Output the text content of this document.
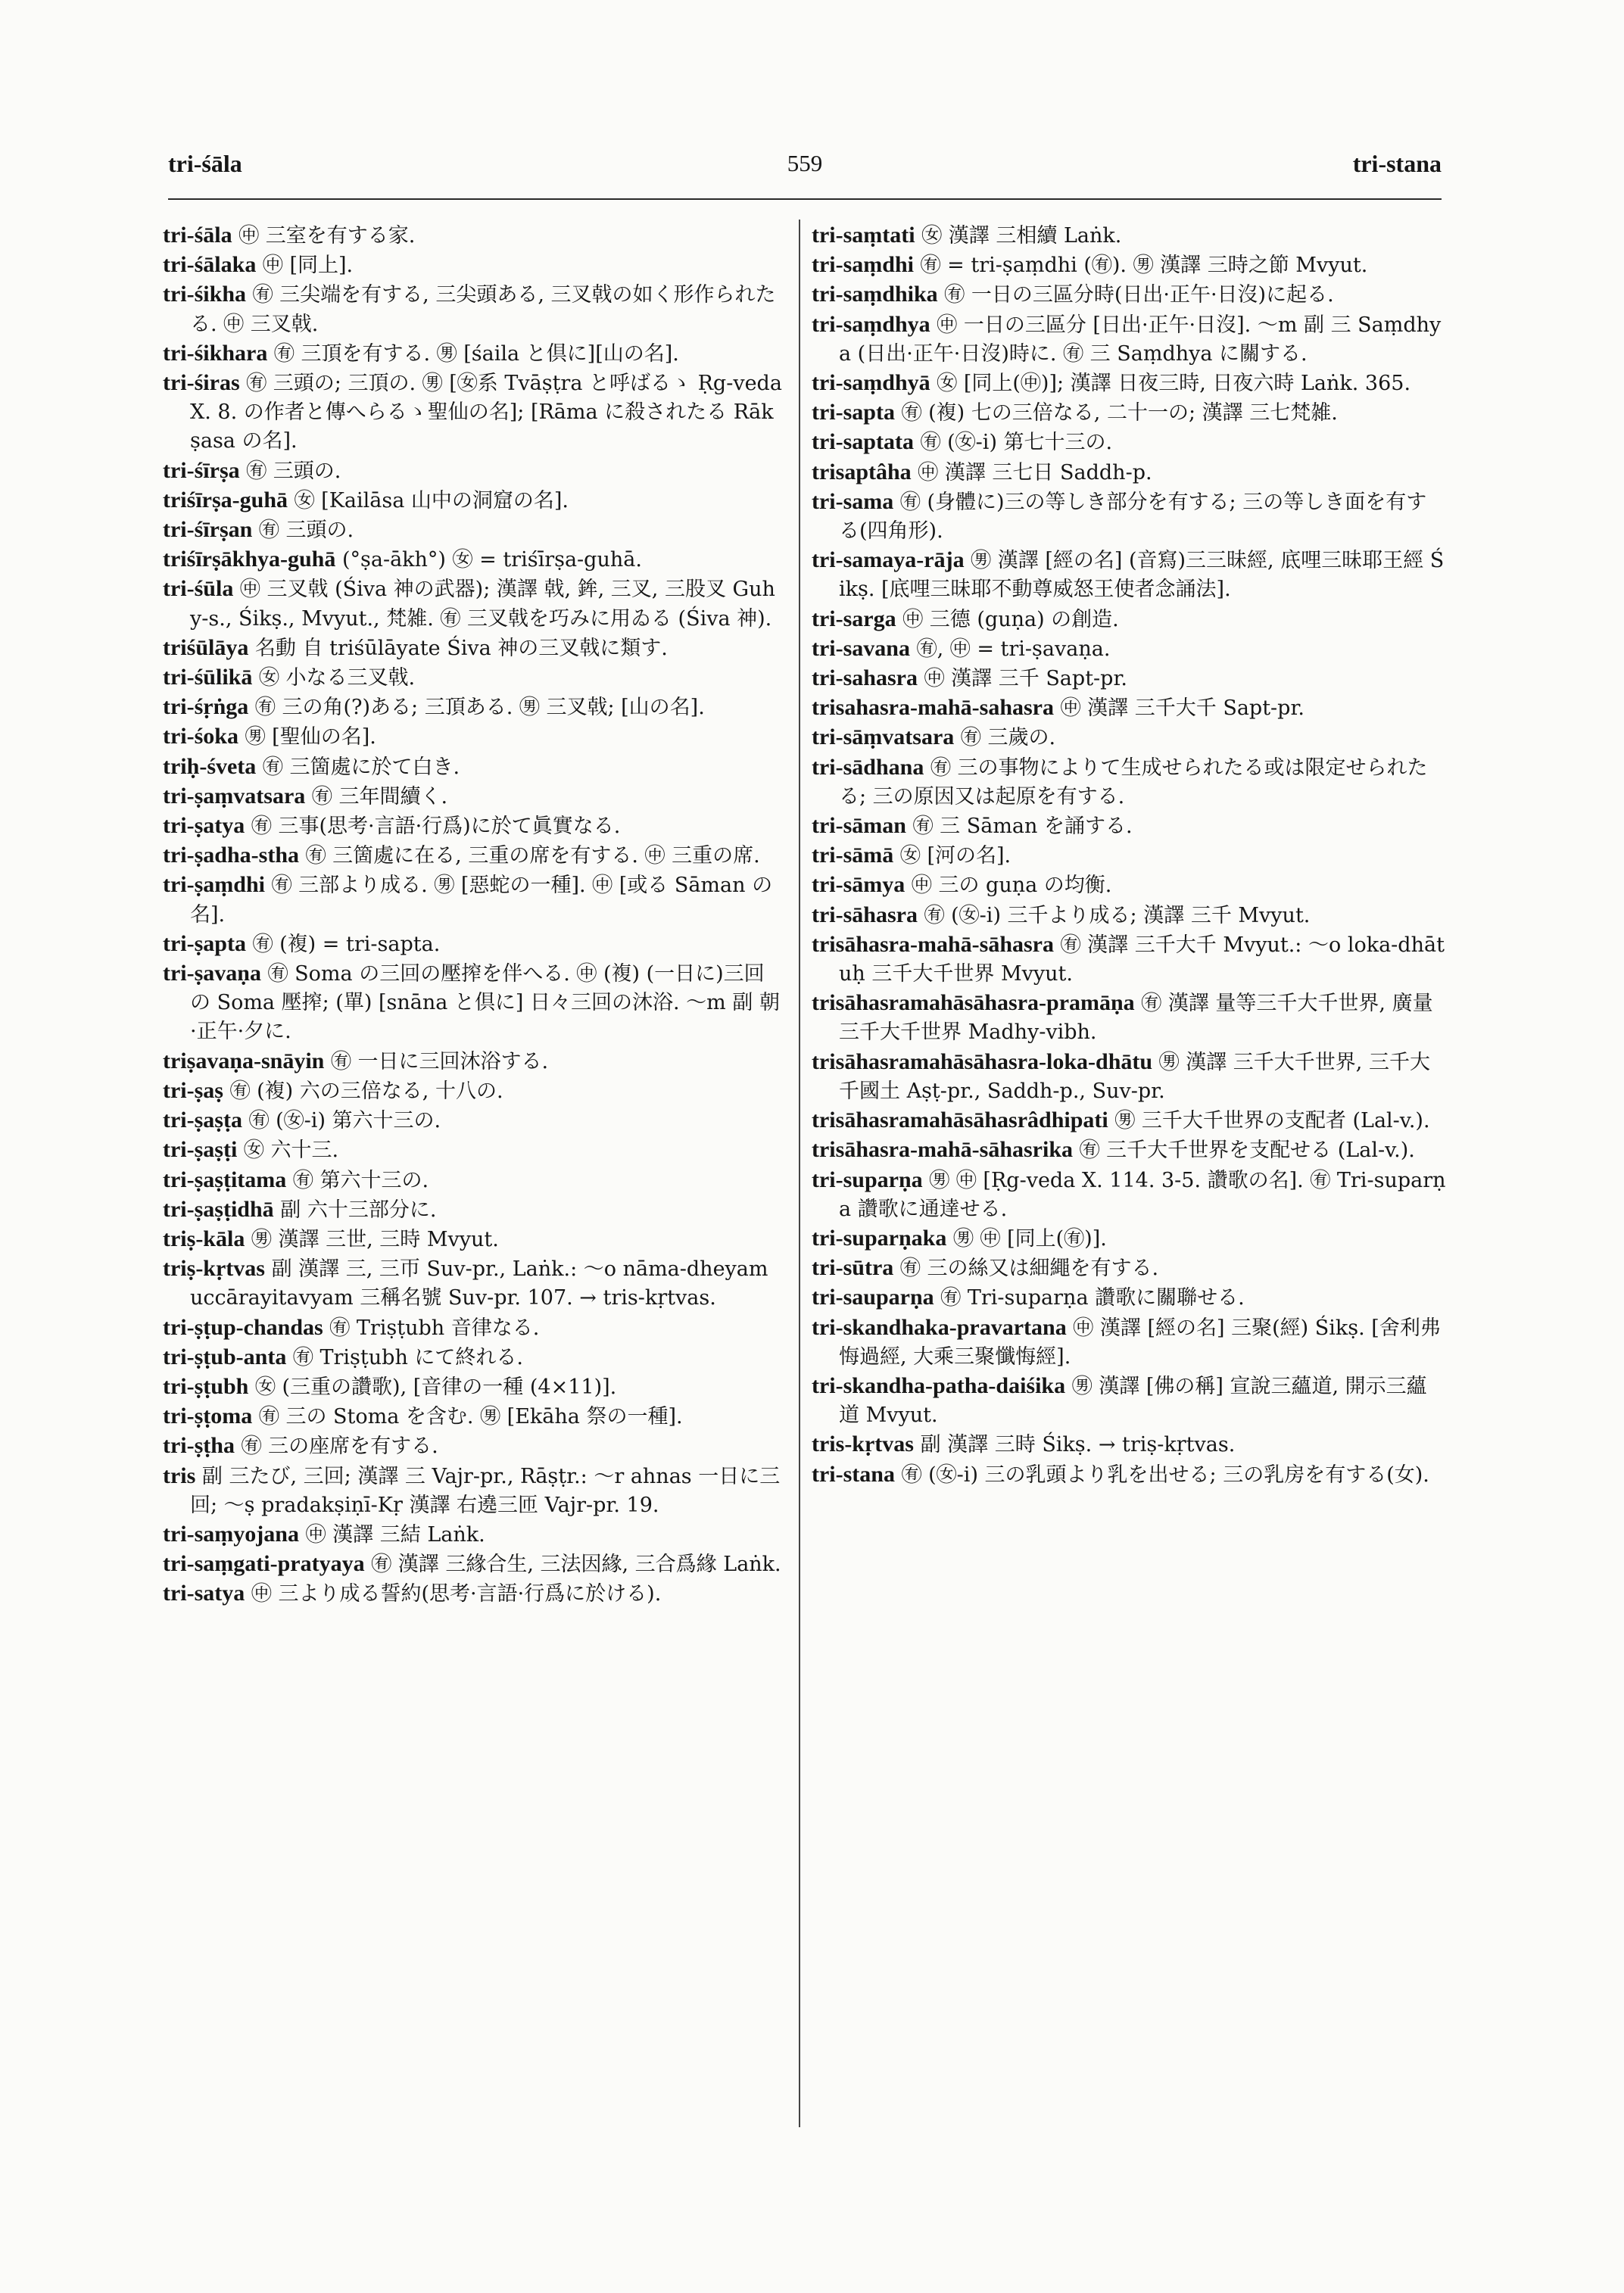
tri-śāla	559	tri-stana
tri-śāla ㊥ 三室を有する家.
tri-śālaka ㊥ [同上].
tri-śikha ㊒ 三尖端を有する, 三尖頭ある, 三叉戟の如く形作られたる. ㊥ 三叉戟.
tri-śikhara ㊒ 三頂を有する. ㊚ [śaila と倶に][山の名].
tri-śiras ㊒ 三頭の; 三頂の. ㊚ [㊛系 Tvāṣṭra と呼ばるゝ Ṛg-veda X. 8. の作者と傳へらるゝ聖仙の名]; [Rāma に殺されたる Rākṣasa の名].
tri-śīrṣa ㊒ 三頭の.
triśīrṣa-guhā ㊛ [Kailāsa 山中の洞窟の名].
tri-śīrṣan ㊒ 三頭の.
triśīrṣākhya-guhā (°ṣa-ākh°) ㊛ = triśīrṣa-guhā.
tri-śūla ㊥ 三叉戟 (Śiva 神の武器); 漢譯 戟, 鉾, 三叉, 三股叉 Guhy-s., Śikṣ., Mvyut., 梵雑. ㊒ 三叉戟を巧みに用ゐる (Śiva 神).
triśūlāya 名動 自 triśūlāyate Śiva 神の三叉戟に類す.
tri-śūlikā ㊛ 小なる三叉戟.
tri-śṛṅga ㊒ 三の角(?)ある; 三頂ある. ㊚ 三叉戟; [山の名].
tri-śoka ㊚ [聖仙の名].
triḥ-śveta ㊒ 三箇處に於て白き.
tri-ṣaṃvatsara ㊒ 三年間續く.
tri-ṣatya ㊒ 三事(思考·言語·行爲)に於て眞實なる.
tri-ṣadha-stha ㊒ 三箇處に在る, 三重の席を有する. ㊥ 三重の席.
tri-ṣaṃdhi ㊒ 三部より成る. ㊚ [惡蛇の一種]. ㊥ [或る Sāman の名].
tri-ṣapta ㊒ (複) = tri-sapta.
tri-ṣavaṇa ㊒ Soma の三回の壓搾を伴へる. ㊥ (複) (一日に)三回の Soma 壓搾; (單) [snāna と倶に] 日々三回の沐浴. ～m 副 朝·正午·夕に.
triṣavaṇa-snāyin ㊒ 一日に三回沐浴する.
tri-ṣaṣ ㊒ (複) 六の三倍なる, 十八の.
tri-ṣaṣṭa ㊒ (㊛-i) 第六十三の.
tri-ṣaṣṭi ㊛ 六十三.
tri-ṣaṣṭitama ㊒ 第六十三の.
tri-ṣaṣṭidhā 副 六十三部分に.
triṣ-kāla ㊚ 漢譯 三世, 三時 Mvyut.
triṣ-kṛtvas 副 漢譯 三, 三帀 Suv-pr., Laṅk.: ～o nāma-dheyam uccārayitavyam 三稱名號 Suv-pr. 107. → tris-kṛtvas.
tri-ṣṭup-chandas ㊒ Triṣṭubh 音律なる.
tri-ṣṭub-anta ㊒ Triṣṭubh にて終れる.
tri-ṣṭubh ㊛ (三重の讚歌), [音律の一種 (4×11)].
tri-ṣṭoma ㊒ 三の Stoma を含む. ㊚ [Ekāha 祭の一種].
tri-ṣṭha ㊒ 三の座席を有する.
tris 副 三たび, 三回; 漢譯 三 Vajr-pr., Rāṣṭr.: ～r ahnas 一日に三回; ～ṣ pradakṣiṇī-Kṛ 漢譯 右遶三匝 Vajr-pr. 19.
tri-saṃyojana ㊥ 漢譯 三結 Laṅk.
tri-saṃgati-pratyaya ㊒ 漢譯 三緣合生, 三法因緣, 三合爲緣 Laṅk.
tri-satya ㊥ 三より成る誓約(思考·言語·行爲に於ける).
tri-saṃtati ㊛ 漢譯 三相續 Laṅk.
tri-saṃdhi ㊒ = tri-ṣaṃdhi (㊒). ㊚ 漢譯 三時之節 Mvyut.
tri-saṃdhika ㊒ 一日の三區分時(日出·正午·日沒)に起る.
tri-saṃdhya ㊥ 一日の三區分 [日出·正午·日沒]. ～m 副 三 Saṃdhya (日出·正午·日沒)時に. ㊒ 三 Saṃdhya に關する.
tri-saṃdhyā ㊛ [同上(㊥)]; 漢譯 日夜三時, 日夜六時 Laṅk. 365.
tri-sapta ㊒ (複) 七の三倍なる, 二十一の; 漢譯 三七梵雑.
tri-saptata ㊒ (㊛-i) 第七十三の.
trisaptâha ㊥ 漢譯 三七日 Saddh-p.
tri-sama ㊒ (身體に)三の等しき部分を有する; 三の等しき面を有する(四角形).
tri-samaya-rāja ㊚ 漢譯 [經の名] (音寫)三三昧經, 底哩三昧耶王經 Śikṣ. [底哩三昧耶不動尊威怒王使者念誦法].
tri-sarga ㊥ 三德 (guṇa) の創造.
tri-savana ㊒, ㊥ = tri-ṣavaṇa.
tri-sahasra ㊥ 漢譯 三千 Sapt-pr.
trisahasra-mahā-sahasra ㊥ 漢譯 三千大千 Sapt-pr.
tri-sāṃvatsara ㊒ 三歲の.
tri-sādhana ㊒ 三の事物によりて生成せられたる或は限定せられたる; 三の原因又は起原を有する.
tri-sāman ㊒ 三 Sāman を誦する.
tri-sāmā ㊛ [河の名].
tri-sāmya ㊥ 三の guṇa の均衡.
tri-sāhasra ㊒ (㊛-i) 三千より成る; 漢譯 三千 Mvyut.
trisāhasra-mahā-sāhasra ㊒ 漢譯 三千大千 Mvyut.: ～o loka-dhātuḥ 三千大千世界 Mvyut.
trisāhasramahāsāhasra-pramāṇa ㊒ 漢譯 量等三千大千世界, 廣量三千大千世界 Madhy-vibh.
trisāhasramahāsāhasra-loka-dhātu ㊚ 漢譯 三千大千世界, 三千大千國土 Aṣṭ-pr., Saddh-p., Suv-pr.
trisāhasramahāsāhasrâdhipati ㊚ 三千大千世界の支配者 (Lal-v.).
trisāhasra-mahā-sāhasrika ㊒ 三千大千世界を支配せる (Lal-v.).
tri-suparṇa ㊚ ㊥ [Ṛg-veda X. 114. 3-5. 讚歌の名]. ㊒ Tri-suparṇa 讚歌に通達せる.
tri-suparṇaka ㊚ ㊥ [同上(㊒)].
tri-sūtra ㊒ 三の絲又は細繩を有する.
tri-sauparṇa ㊒ Tri-suparṇa 讚歌に關聯せる.
tri-skandhaka-pravartana ㊥ 漢譯 [經の名] 三聚(經) Śikṣ. [舍利弗悔過經, 大乘三聚懺悔經].
tri-skandha-patha-daiśika ㊚ 漢譯 [佛の稱] 宣說三蘊道, 開示三蘊道 Mvyut.
tris-kṛtvas 副 漢譯 三時 Śikṣ. → triṣ-kṛtvas.
tri-stana ㊒ (㊛-i) 三の乳頭より乳を出せる; 三の乳房を有する(女).
